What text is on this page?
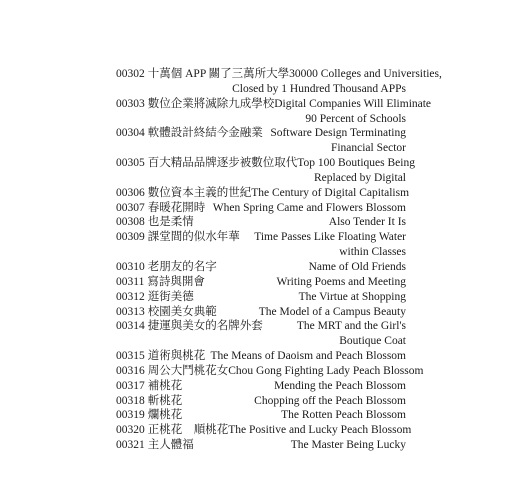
00302 十萬個 APP 關了三萬所大學 30000 Colleges and Universities,
Closed by 1 Hundred Thousand APPs
00303 數位企業將滅除九成學校 Digital Companies Will Eliminate
90 Percent of Schools
00304 軟體設計終結今金融業 Software Design Terminating
Financial Sector
00305 百大精品品牌逐步被數位取代 Top 100 Boutiques Being
Replaced by Digital
00306 數位資本主義的世紀 The Century of Digital Capitalism
00307 春暖花開時 When Spring Came and Flowers Blossom
00308 也是柔情	Also Tender It Is
00309 課堂間的似水年華 Time Passes Like Floating Water
within Classes
00310 老朋友的名字	Name of Old Friends
00311 寫詩與開會	Writing Poems and Meeting
00312 逛街美德	The Virtue at Shopping
00313 校園美女典範	The Model of a Campus Beauty
00314 捷運與美女的名牌外套	The MRT and the Girl's
Boutique Coat
00315 道術與桃花 The Means of Daoism and Peach Blossom
00316 周公大鬥桃花女 Chou Gong Fighting Lady Peach Blossom
00317 補桃花	Mending the Peach Blossom
00318 斬桃花	Chopping off the Peach Blossom
00319 爛桃花	The Rotten Peach Blossom
00320 正桃花　順桃花 The Positive and Lucky Peach Blossom
00321 主人體福	The Master Being Lucky
